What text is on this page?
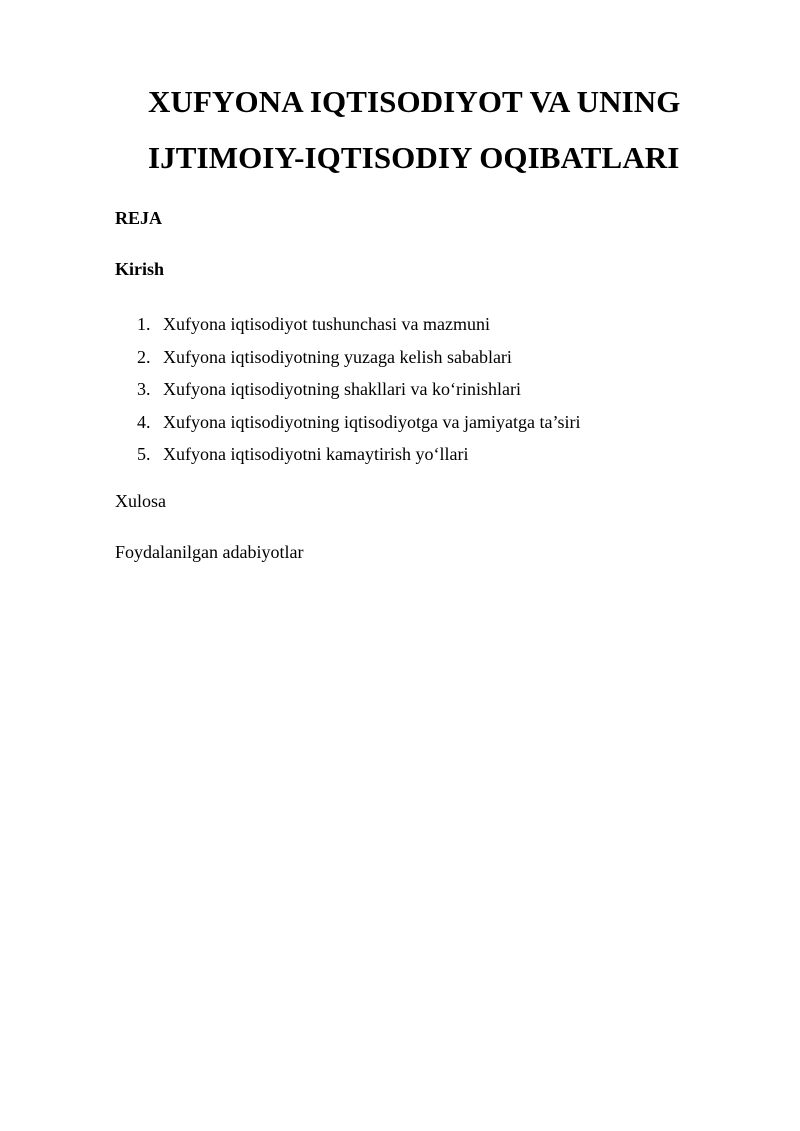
XUFYONA IQTISODIYOT VA UNING
IJTIMOIY-IQTISODIY OQIBATLARI
REJA
Kirish
1. Xufyona iqtisodiyot tushunchasi va mazmuni
2. Xufyona iqtisodiyotning yuzaga kelish sabablari
3. Xufyona iqtisodiyotning shakllari va ko‘rinishlari
4. Xufyona iqtisodiyotning iqtisodiyotga va jamiyatga ta’siri
5. Xufyona iqtisodiyotni kamaytirish yo‘llari
Xulosa
Foydalanilgan adabiyotlar
